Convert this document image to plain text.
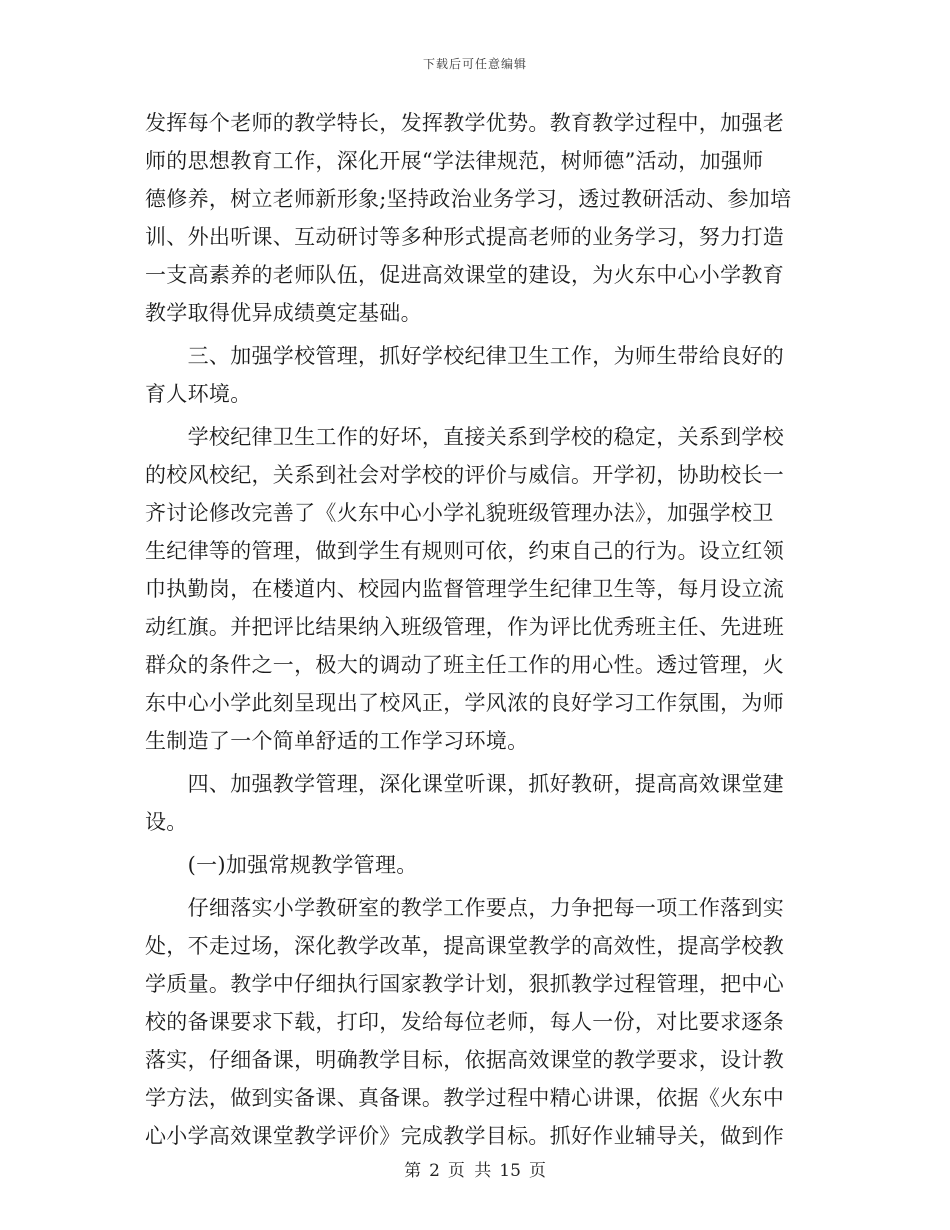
下载后可任意编辑
发挥每个老师的教学特长，发挥教学优势。教育教学过程中，加强老
师的思想教育工作，深化开展“学法律规范，树师德”活动，加强师
德修养，树立老师新形象;坚持政治业务学习，透过教研活动、参加培
训、外出听课、互动研讨等多种形式提高老师的业务学习，努力打造
一支高素养的老师队伍，促进高效课堂的建设，为火东中心小学教育
教学取得优异成绩奠定基础。
　　三、加强学校管理，抓好学校纪律卫生工作，为师生带给良好的
育人环境。
　　学校纪律卫生工作的好坏，直接关系到学校的稳定，关系到学校
的校风校纪，关系到社会对学校的评价与威信。开学初，协助校长一
齐讨论修改完善了《火东中心小学礼貌班级管理办法》，加强学校卫
生纪律等的管理，做到学生有规则可依，约束自己的行为。设立红领
巾执勤岗，在楼道内、校园内监督管理学生纪律卫生等，每月设立流
动红旗。并把评比结果纳入班级管理，作为评比优秀班主任、先进班
群众的条件之一，极大的调动了班主任工作的用心性。透过管理，火
东中心小学此刻呈现出了校风正，学风浓的良好学习工作氛围，为师
生制造了一个简单舒适的工作学习环境。
　　四、加强教学管理，深化课堂听课，抓好教研，提高高效课堂建
设。
　　(一)加强常规教学管理。
　　仔细落实小学教研室的教学工作要点，力争把每一项工作落到实
处，不走过场，深化教学改革，提高课堂教学的高效性，提高学校教
学质量。教学中仔细执行国家教学计划，狠抓教学过程管理，把中心
校的备课要求下载，打印，发给每位老师，每人一份，对比要求逐条
落实，仔细备课，明确教学目标，依据高效课堂的教学要求，设计教
学方法，做到实备课、真备课。教学过程中精心讲课，依据《火东中
心小学高效课堂教学评价》完成教学目标。抓好作业辅导关，做到作
第 2 页 共 15 页
